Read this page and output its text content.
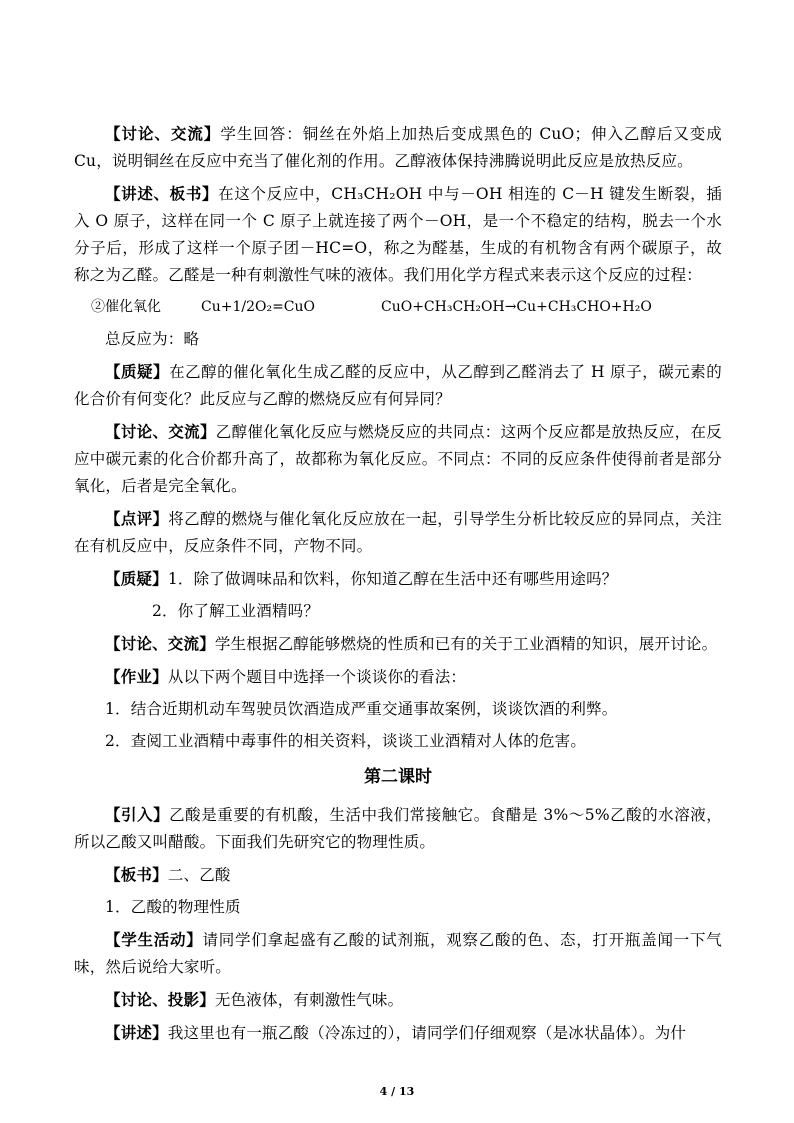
【讨论、交流】学生回答：铜丝在外焰上加热后变成黑色的 CuO；伸入乙醇后又变成 Cu，说明铜丝在反应中充当了催化剂的作用。乙醇液体保持沸腾说明此反应是放热反应。

【讲述、板书】在这个反应中，CH₃CH₂OH 中与－OH 相连的 C－H 键发生断裂，插入 O 原子，这样在同一个 C 原子上就连接了两个－OH，是一个不稳定的结构，脱去一个水分子后，形成了这样一个原子团－HC=O，称之为醛基，生成的有机物含有两个碳原子，故称之为乙醛。乙醛是一种有刺激性气味的液体。我们用化学方程式来表示这个反应的过程：

②催化氧化	Cu+1/2O₂=CuO	CuO+CH₃CH₂OH→Cu+CH₃CHO+H₂O

总反应为：略

【质疑】在乙醇的催化氧化生成乙醛的反应中，从乙醇到乙醛消去了 H 原子，碳元素的化合价有何变化？此反应与乙醇的燃烧反应有何异同？

【讨论、交流】乙醇催化氧化反应与燃烧反应的共同点：这两个反应都是放热反应，在反应中碳元素的化合价都升高了，故都称为氧化反应。不同点：不同的反应条件使得前者是部分氧化，后者是完全氧化。

【点评】将乙醇的燃烧与催化氧化反应放在一起，引导学生分析比较反应的异同点，关注在有机反应中，反应条件不同，产物不同。

【质疑】1．除了做调味品和饮料，你知道乙醇在生活中还有哪些用途吗？

2．你了解工业酒精吗？

【讨论、交流】学生根据乙醇能够燃烧的性质和已有的关于工业酒精的知识，展开讨论。

【作业】从以下两个题目中选择一个谈谈你的看法：

1．结合近期机动车驾驶员饮酒造成严重交通事故案例，谈谈饮酒的利弊。

2．查阅工业酒精中毒事件的相关资料，谈谈工业酒精对人体的危害。

第二课时

【引入】乙酸是重要的有机酸，生活中我们常接触它。食醋是 3%～5%乙酸的水溶液，所以乙酸又叫醋酸。下面我们先研究它的物理性质。

【板书】二、乙酸

1．乙酸的物理性质

【学生活动】请同学们拿起盛有乙酸的试剂瓶，观察乙酸的色、态，打开瓶盖闻一下气味，然后说给大家听。

【讨论、投影】无色液体，有刺激性气味。

【讲述】我这里也有一瓶乙酸（冷冻过的），请同学们仔细观察（是冰状晶体）。为什

4 / 13
